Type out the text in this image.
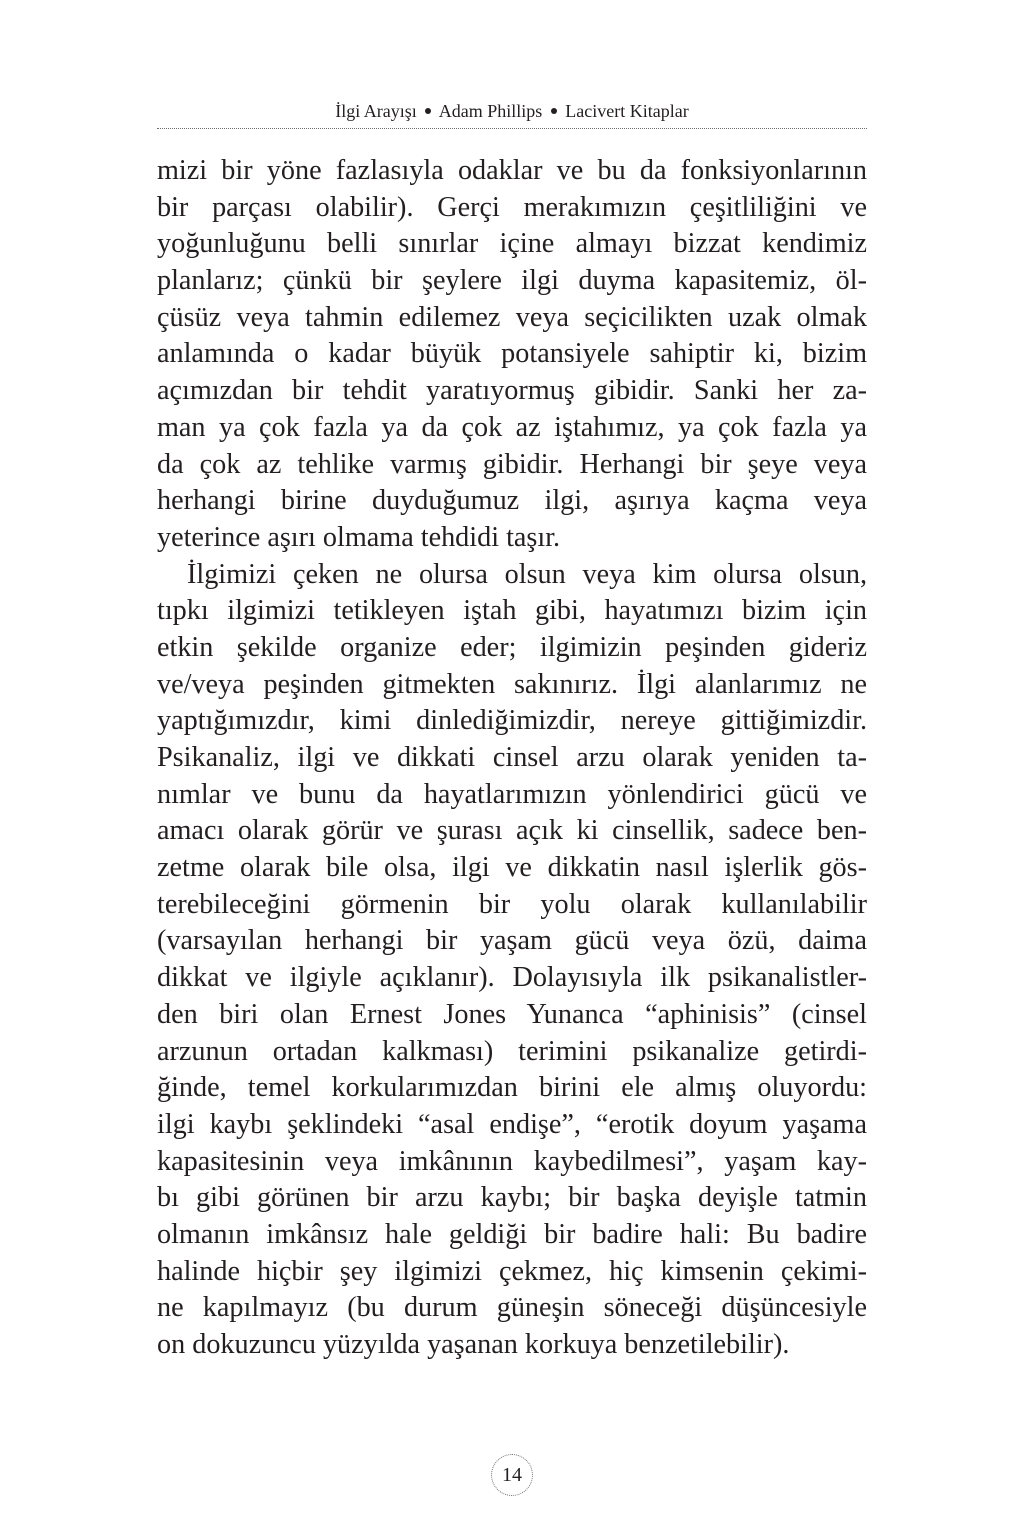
İlgi Arayışı Adam Phillips Lacivert Kitaplar
mizi bir yöne fazlasıyla odaklar ve bu da fonksiyonlarının
bir parçası olabilir). Gerçi merakımızın çeşitliliğini ve
yoğunluğunu belli sınırlar içine almayı bizzat kendimiz
planlarız; çünkü bir şeylere ilgi duyma kapasitemiz, öl-
çüsüz veya tahmin edilemez veya seçicilikten uzak olmak
anlamında o kadar büyük potansiyele sahiptir ki, bizim
açımızdan bir tehdit yaratıyormuş gibidir. Sanki her za-
man ya çok fazla ya da çok az iştahımız, ya çok fazla ya
da çok az tehlike varmış gibidir. Herhangi bir şeye veya
herhangi birine duyduğumuz ilgi, aşırıya kaçma veya
yeterince aşırı olmama tehdidi taşır.
İlgimizi çeken ne olursa olsun veya kim olursa olsun,
tıpkı ilgimizi tetikleyen iştah gibi, hayatımızı bizim için
etkin şekilde organize eder; ilgimizin peşinden gideriz
ve/veya peşinden gitmekten sakınırız. İlgi alanlarımız ne
yaptığımızdır, kimi dinlediğimizdir, nereye gittiğimizdir.
Psikanaliz, ilgi ve dikkati cinsel arzu olarak yeniden ta-
nımlar ve bunu da hayatlarımızın yönlendirici gücü ve
amacı olarak görür ve şurası açık ki cinsellik, sadece ben-
zetme olarak bile olsa, ilgi ve dikkatin nasıl işlerlik gös-
terebileceğini görmenin bir yolu olarak kullanılabilir
(varsayılan herhangi bir yaşam gücü veya özü, daima
dikkat ve ilgiyle açıklanır). Dolayısıyla ilk psikanalistler-
den biri olan Ernest Jones Yunanca “aphinisis” (cinsel
arzunun ortadan kalkması) terimini psikanalize getirdi-
ğinde, temel korkularımızdan birini ele almış oluyordu:
ilgi kaybı şeklindeki “asal endişe”, “erotik doyum yaşama
kapasitesinin veya imkânının kaybedilmesi”, yaşam kay-
bı gibi görünen bir arzu kaybı; bir başka deyişle tatmin
olmanın imkânsız hale geldiği bir badire hali: Bu badire
halinde hiçbir şey ilgimizi çekmez, hiç kimsenin çekimi-
ne kapılmayız (bu durum güneşin söneceği düşüncesiyle
on dokuzuncu yüzyılda yaşanan korkuya benzetilebilir).
14
